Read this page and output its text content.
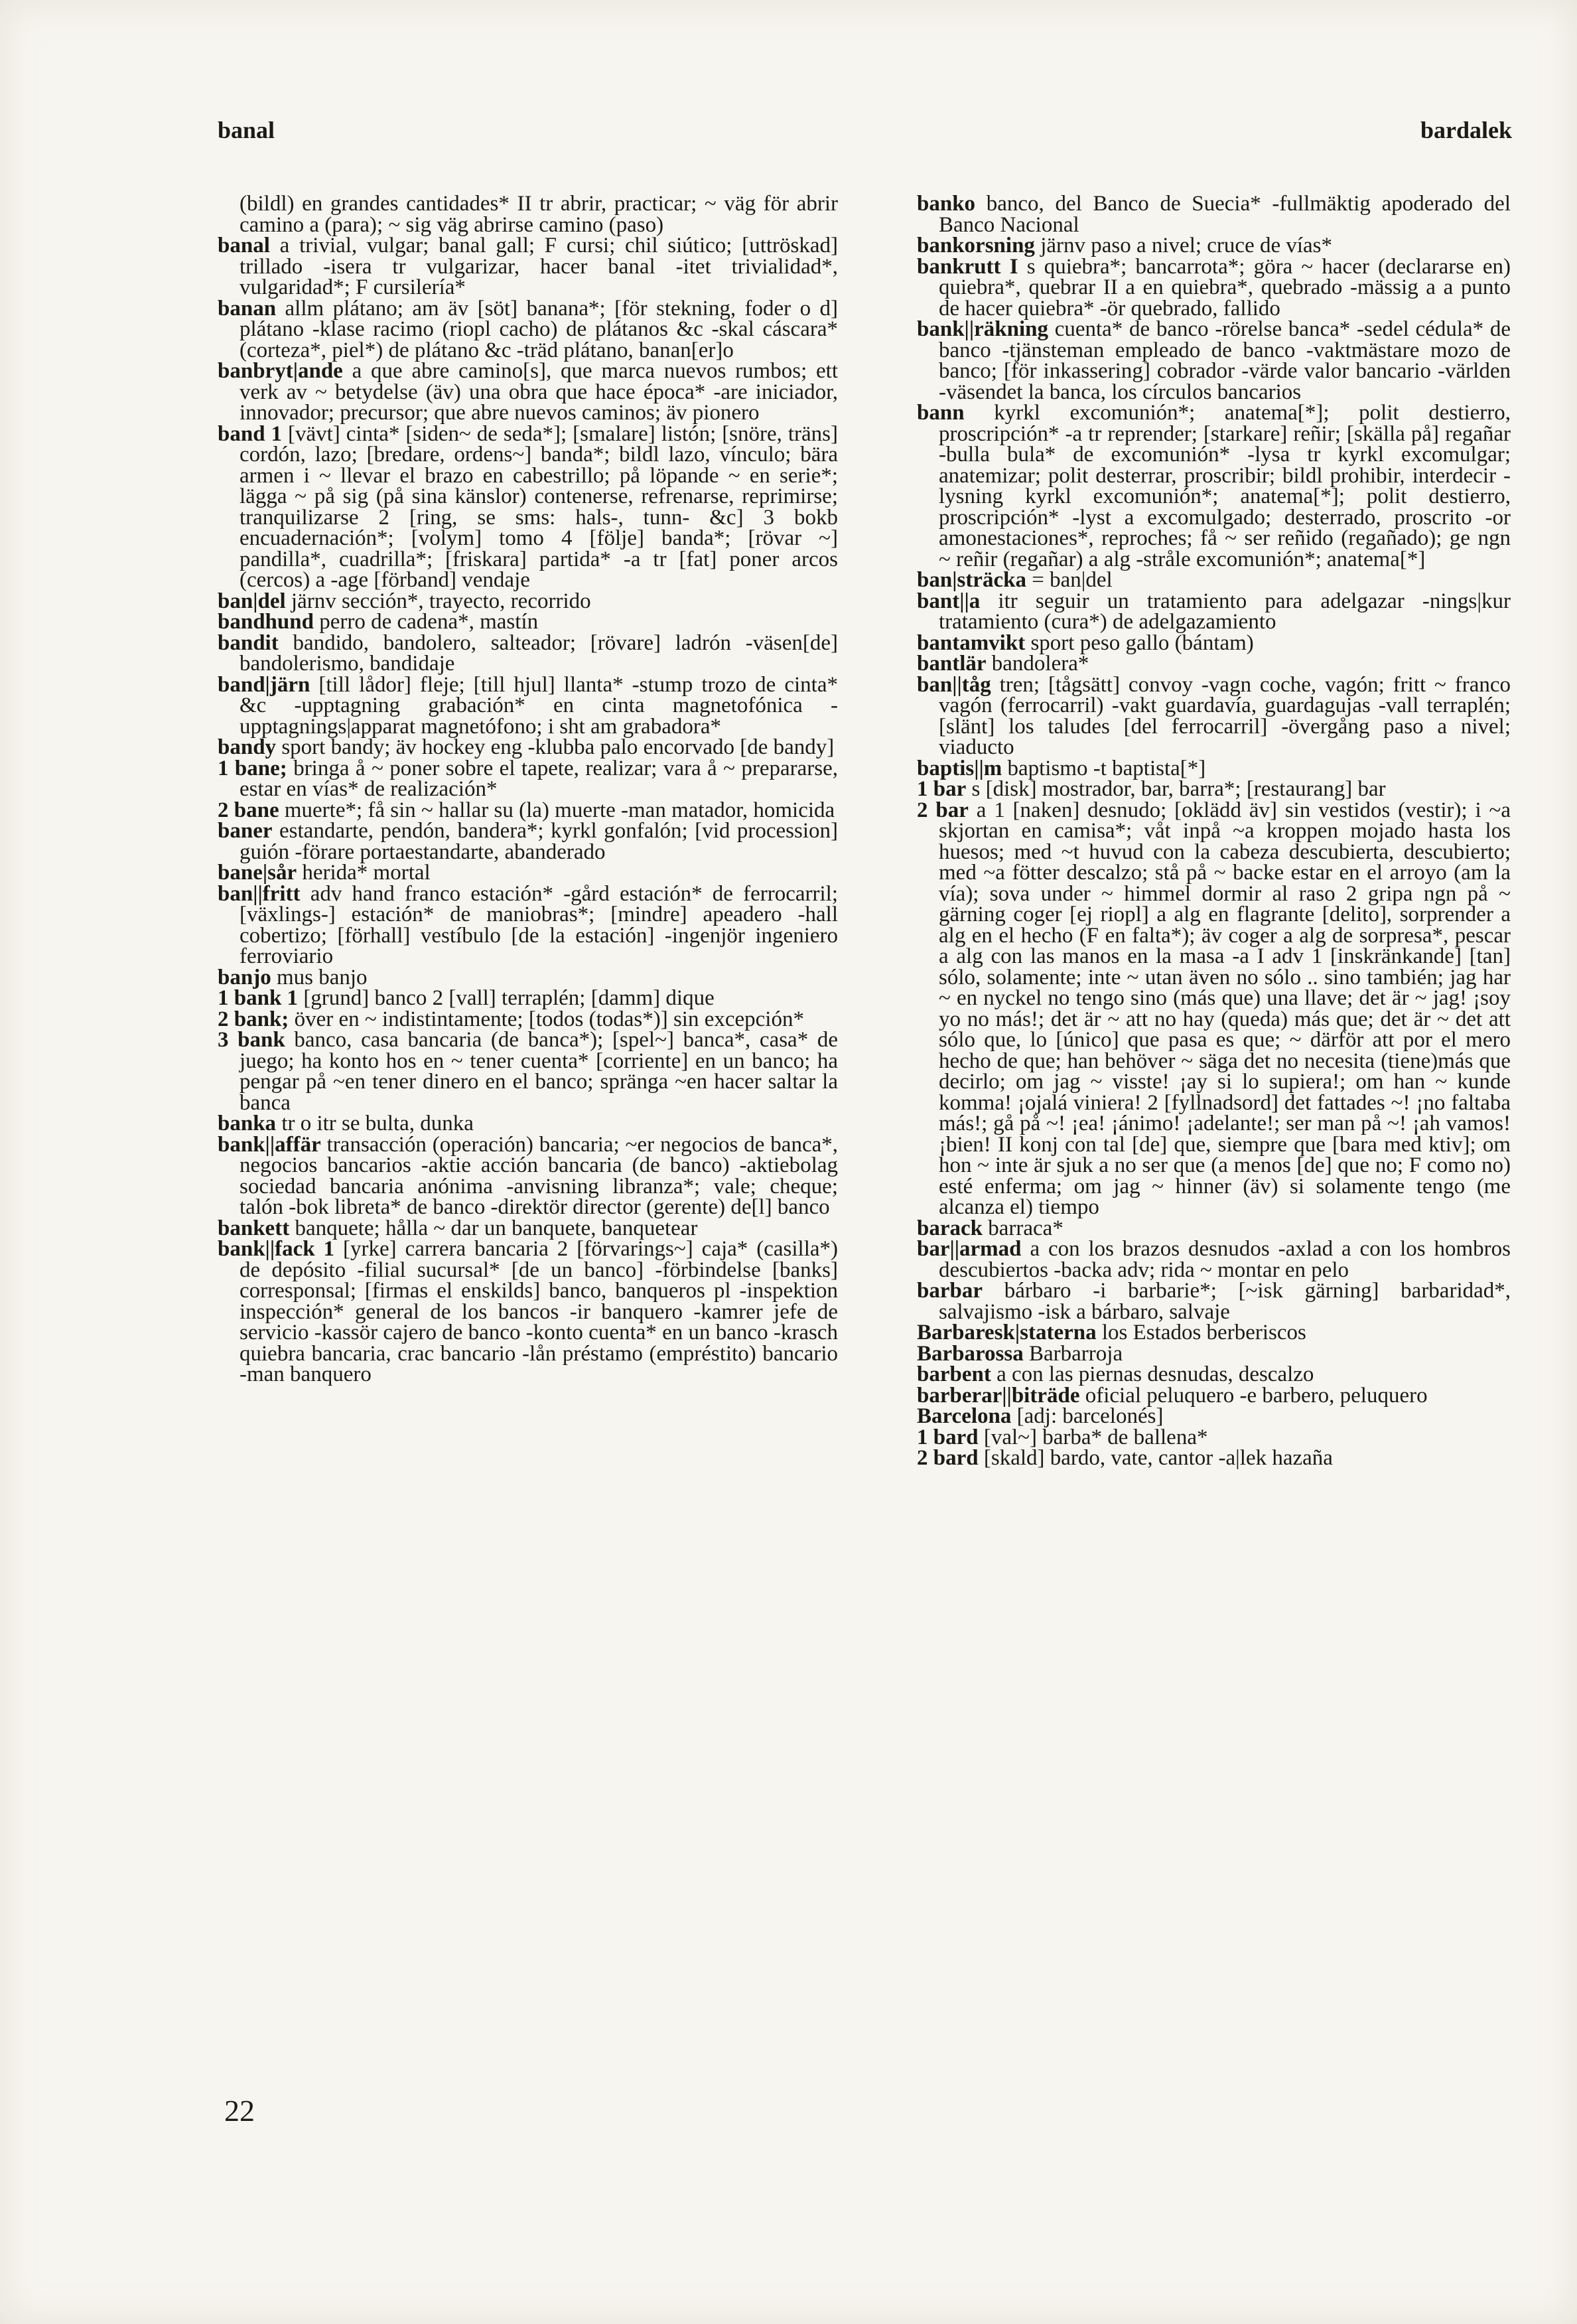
banal	bardalek

(bildl) en grandes cantidades* II tr abrir, practicar; ~ väg för abrir camino a (para); ~ sig väg abrirse camino (paso)

banal a trivial, vulgar; banal gall; F cursi; chil siútico; [uttröskad] trillado -isera tr vulgarizar, hacer banal -itet trivialidad*, vulgaridad*; F cursilería*

banan allm plátano; am äv [söt] banana*; [för stekning, foder o d] plátano -klase racimo (riopl cacho) de plátanos &c -skal cáscara* (corteza*, piel*) de plátano &c -träd plátano, banan[er]o

banbryt|ande a que abre camino[s], que marca nuevos rumbos; ett verk av ~ betydelse (äv) una obra que hace época* -are iniciador, innovador; precursor; que abre nuevos caminos; äv pionero

band 1 [vävt] cinta* [siden~ de seda*]; [smalare] listón; [snöre, träns] cordón, lazo; [bredare, ordens~] banda*; bildl lazo, vínculo; bära armen i ~ llevar el brazo en cabestrillo; på löpande ~ en serie*; lägga ~ på sig (på sina känslor) contenerse, refrenarse, reprimirse; tranquilizarse 2 [ring, se sms: hals-, tunn- &c] 3 bokb encuadernación*; [volym] tomo 4 [följe] banda*; [rövar ~] pandilla*, cuadrilla*; [friskara] partida* -a tr [fat] poner arcos (cercos) a -age [förband] vendaje

ban|del järnv sección*, trayecto, recorrido

bandhund perro de cadena*, mastín

bandit bandido, bandolero, salteador; [rövare] ladrón -väsen[de] bandolerismo, bandidaje

band|järn [till lådor] fleje; [till hjul] llanta* -stump trozo de cinta* &c -upptagning grabación* en cinta magnetofónica -upptagnings|apparat magnetófono; i sht am grabadora*

bandy sport bandy; äv hockey eng -klubba palo encorvado [de bandy]

1 bane; bringa å ~ poner sobre el tapete, realizar; vara å ~ prepararse, estar en vías* de realización*

2 bane muerte*; få sin ~ hallar su (la) muerte -man matador, homicida

baner estandarte, pendón, bandera*; kyrkl gonfalón; [vid procession] guión -förare portaestandarte, abanderado

bane|sår herida* mortal

ban||fritt adv hand franco estación* -gård estación* de ferrocarril; [växlings-] estación* de maniobras*; [mindre] apeadero -hall cobertizo; [förhall] vestíbulo [de la estación] -ingenjör ingeniero ferroviario

banjo mus banjo

1 bank 1 [grund] banco 2 [vall] terraplén; [damm] dique

2 bank; över en ~ indistintamente; [todos (todas*)] sin excepción*

3 bank banco, casa bancaria (de banca*); [spel~] banca*, casa* de juego; ha konto hos en ~ tener cuenta* [corriente] en un banco; ha pengar på ~en tener dinero en el banco; spränga ~en hacer saltar la banca

banka tr o itr se bulta, dunka

bank||affär transacción (operación) bancaria; ~er negocios de banca*, negocios bancarios -aktie acción bancaria (de banco) -aktiebolag sociedad bancaria anónima -anvisning libranza*; vale; cheque; talón -bok libreta* de banco -direktör director (gerente) de[l] banco

bankett banquete; hålla ~ dar un banquete, banquetear

bank||fack 1 [yrke] carrera bancaria 2 [förvarings~] caja* (casilla*) de depósito -filial sucursal* [de un banco] -förbindelse [banks] corresponsal; [firmas el enskilds] banco, banqueros pl -inspektion inspección* general de los bancos -ir banquero -kamrer jefe de servicio -kassör cajero de banco -konto cuenta* en un banco -krasch quiebra bancaria, crac bancario -lån préstamo (empréstito) bancario -man banquero

banko banco, del Banco de Suecia* -fullmäktig apoderado del Banco Nacional

bankorsning järnv paso a nivel; cruce de vías*

bankrutt I s quiebra*; bancarrota*; göra ~ hacer (declararse en) quiebra*, quebrar II a en quiebra*, quebrado -mässig a a punto de hacer quiebra* -ör quebrado, fallido

bank||räkning cuenta* de banco -rörelse banca* -sedel cédula* de banco -tjänsteman empleado de banco -vaktmästare mozo de banco; [för inkassering] cobrador -värde valor bancario -världen -väsendet la banca, los círculos bancarios

bann kyrkl excomunión*; anatema[*]; polit destierro, proscripción* -a tr reprender; [starkare] reñir; [skälla på] regañar -bulla bula* de excomunión* -lysa tr kyrkl excomulgar; anatemizar; polit desterrar, proscribir; bildl prohibir, interdecir -lysning kyrkl excomunión*; anatema[*]; polit destierro, proscripción* -lyst a excomulgado; desterrado, proscrito -or amonestaciones*, reproches; få ~ ser reñido (regañado); ge ngn ~ reñir (regañar) a alg -stråle excomunión*; anatema[*]

ban|sträcka = ban|del

bant||a itr seguir un tratamiento para adelgazar -nings|kur tratamiento (cura*) de adelgazamiento

bantamvikt sport peso gallo (bántam)

bantlär bandolera*

ban||tåg tren; [tågsätt] convoy -vagn coche, vagón; fritt ~ franco vagón (ferrocarril) -vakt guardavía, guardagujas -vall terraplén; [slänt] los taludes [del ferrocarril] -övergång paso a nivel; viaducto

baptis||m baptismo -t baptista[*]

1 bar s [disk] mostrador, bar, barra*; [restaurang] bar

2 bar a 1 [naken] desnudo; [oklädd äv] sin vestidos (vestir); i ~a skjortan en camisa*; våt inpå ~a kroppen mojado hasta los huesos; med ~t huvud con la cabeza descubierta, descubierto; med ~a fötter descalzo; stå på ~ backe estar en el arroyo (am la vía); sova under ~ himmel dormir al raso 2 gripa ngn på ~ gärning coger [ej riopl] a alg en flagrante [delito], sorprender a alg en el hecho (F en falta*); äv coger a alg de sorpresa*, pescar a alg con las manos en la masa -a I adv 1 [inskränkande] [tan] sólo, solamente; inte ~ utan även no sólo .. sino también; jag har ~ en nyckel no tengo sino (más que) una llave; det är ~ jag! ¡soy yo no más!; det är ~ att no hay (queda) más que; det är ~ det att sólo que, lo [único] que pasa es que; ~ därför att por el mero hecho de que; han behöver ~ säga det no necesita (tiene)más que decirlo; om jag ~ visste! ¡ay si lo supiera!; om han ~ kunde komma! ¡ojalá viniera! 2 [fyllnadsord] det fattades ~! ¡no faltaba más!; gå på ~! ¡ea! ¡ánimo! ¡adelante!; ser man på ~! ¡ah vamos! ¡bien! II konj con tal [de] que, siempre que [bara med ktiv]; om hon ~ inte är sjuk a no ser que (a menos [de] que no; F como no) esté enferma; om jag ~ hinner (äv) si solamente tengo (me alcanza el) tiempo

barack barraca*

bar||armad a con los brazos desnudos -axlad a con los hombros descubiertos -backa adv; rida ~ montar en pelo

barbar bárbaro -i barbarie*; [~isk gärning] barbaridad*, salvajismo -isk a bárbaro, salvaje

Barbaresk|staterna los Estados berberiscos

Barbarossa Barbarroja

barbent a con las piernas desnudas, descalzo

barberar||biträde oficial peluquero -e barbero, peluquero

Barcelona [adj: barcelonés]

1 bard [val~] barba* de ballena*

2 bard [skald] bardo, vate, cantor -a|lek hazaña

22
